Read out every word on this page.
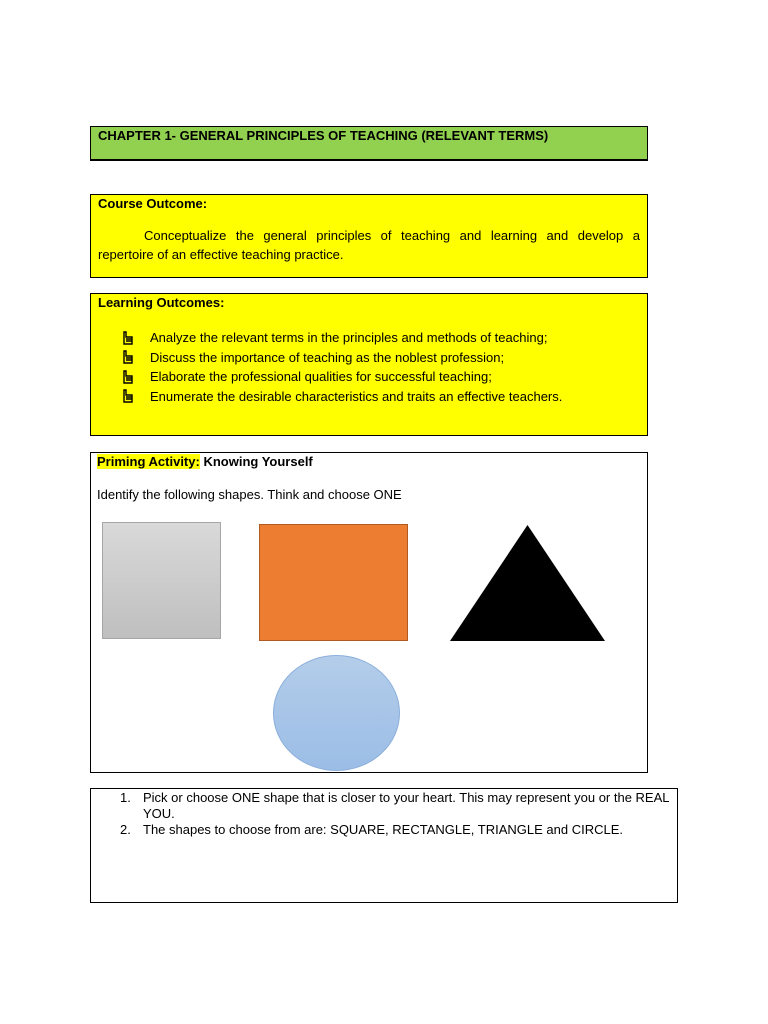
CHAPTER 1- GENERAL PRINCIPLES OF TEACHING (RELEVANT TERMS)
Course Outcome:
Conceptualize the general principles of teaching and learning and develop a repertoire of an effective teaching practice.
Learning Outcomes:
Analyze the relevant terms in the principles and methods of teaching;
Discuss the importance of teaching as the noblest profession;
Elaborate the professional qualities for successful teaching;
Enumerate the desirable characteristics and traits an effective teachers.
Priming Activity: Knowing Yourself
Identify the following shapes. Think and choose ONE
1. Pick or choose ONE shape that is closer to your heart. This may represent you or the REAL YOU.
2. The shapes to choose from are: SQUARE, RECTANGLE, TRIANGLE and CIRCLE.
